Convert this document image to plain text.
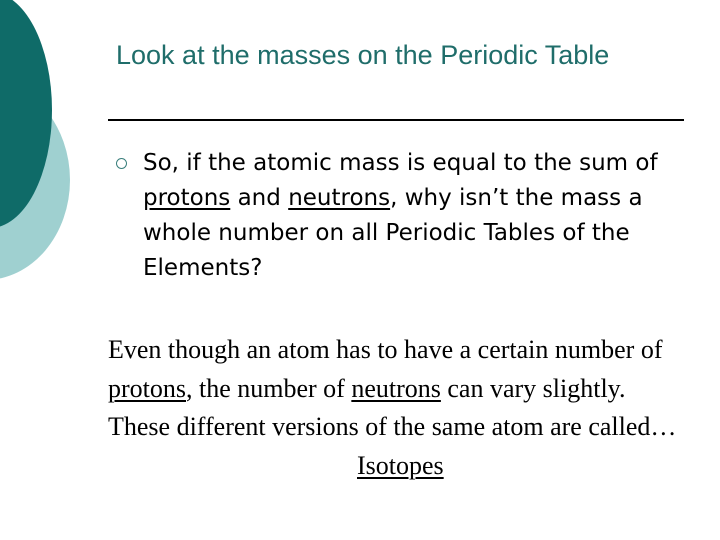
Look at the masses on the Periodic Table
So, if the atomic mass is equal to the sum of protons and neutrons, why isn’t the mass a whole number on all Periodic Tables of the Elements?
Even though an atom has to have a certain number of protons, the number of neutrons can vary slightly. These different versions of the same atom are called…
Isotopes
